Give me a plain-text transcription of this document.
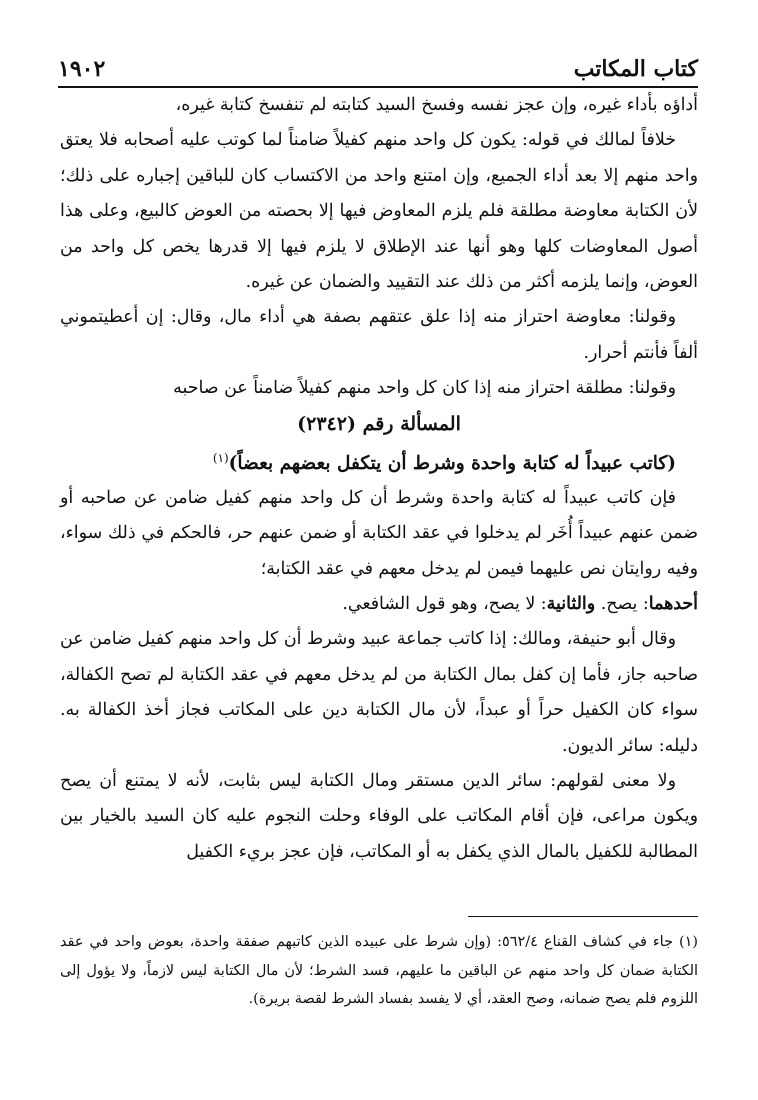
كتاب المكاتب
١٩٠٢

أداؤه بأداء غيره، وإن عجز نفسه وفسخ السيد كتابته لم تنفسخ كتابة غيره،

خلافاً لمالك في قوله: يكون كل واحد منهم كفيلاً ضامناً لما كوتب عليه أصحابه فلا يعتق واحد منهم إلا بعد أداء الجميع، وإن امتنع واحد من الاكتساب كان للباقين إجباره على ذلك؛ لأن الكتابة معاوضة مطلقة فلم يلزم المعاوض فيها إلا بحصته من العوض كالبيع، وعلى هذا أصول المعاوضات كلها وهو أنها عند الإطلاق لا يلزم فيها إلا قدرها يخص كل واحد من العوض، وإنما يلزمه أكثر من ذلك عند التقييد والضمان عن غيره.

وقولنا: معاوضة احتراز منه إذا علق عتقهم بصفة هي أداء مال، وقال: إن أعطيتموني ألفاً فأنتم أحرار.

وقولنا: مطلقة احتراز منه إذا كان كل واحد منهم كفيلاً ضامناً عن صاحبه

المسألة رقم (٢٣٤٢)

(كاتب عبيداً له كتابة واحدة وشرط أن يتكفل بعضهم بعضاً)$^{(١)}$

فإن كاتب عبيداً له كتابة واحدة وشرط أن كل واحد منهم كفيل ضامن عن صاحبه أو ضمن عنهم عبيداً أُخَر لم يدخلوا في عقد الكتابة أو ضمن عنهم حر، فالحكم في ذلك سواء، وفيه روايتان نص عليهما فيمن لم يدخل معهم في عقد الكتابة؛

أحدهما: يصح. والثانية: لا يصح، وهو قول الشافعي.

وقال أبو حنيفة، ومالك: إذا كاتب جماعة عبيد وشرط أن كل واحد منهم كفيل ضامن عن صاحبه جاز، فأما إن كفل بمال الكتابة من لم يدخل معهم في عقد الكتابة لم تصح الكفالة، سواء كان الكفيل حراً أو عبداً، لأن مال الكتابة دين على المكاتب فجاز أخذ الكفالة به. دليله: سائر الديون.

ولا معنى لقولهم: سائر الدين مستقر ومال الكتابة ليس بثابت، لأنه لا يمتنع أن يصح ويكون مراعى، فإن أقام المكاتب على الوفاء وحلت النجوم عليه كان السيد بالخيار بين المطالبة للكفيل بالمال الذي يكفل به أو المكاتب، فإن عجز بريء الكفيل

(١) جاء في كشاف القناع ٥٦٢/٤: (وإن شرط على عبيده الذين كاتبهم صفقة واحدة، بعوض واحد في عقد الكتابة ضمان كل واحد منهم عن الباقين ما عليهم، فسد الشرط؛ لأن مال الكتابة ليس لازماً، ولا يؤول إلى اللزوم فلم يصح ضمانه، وصح العقد، أي لا يفسد بفساد الشرط لقصة بريرة).
